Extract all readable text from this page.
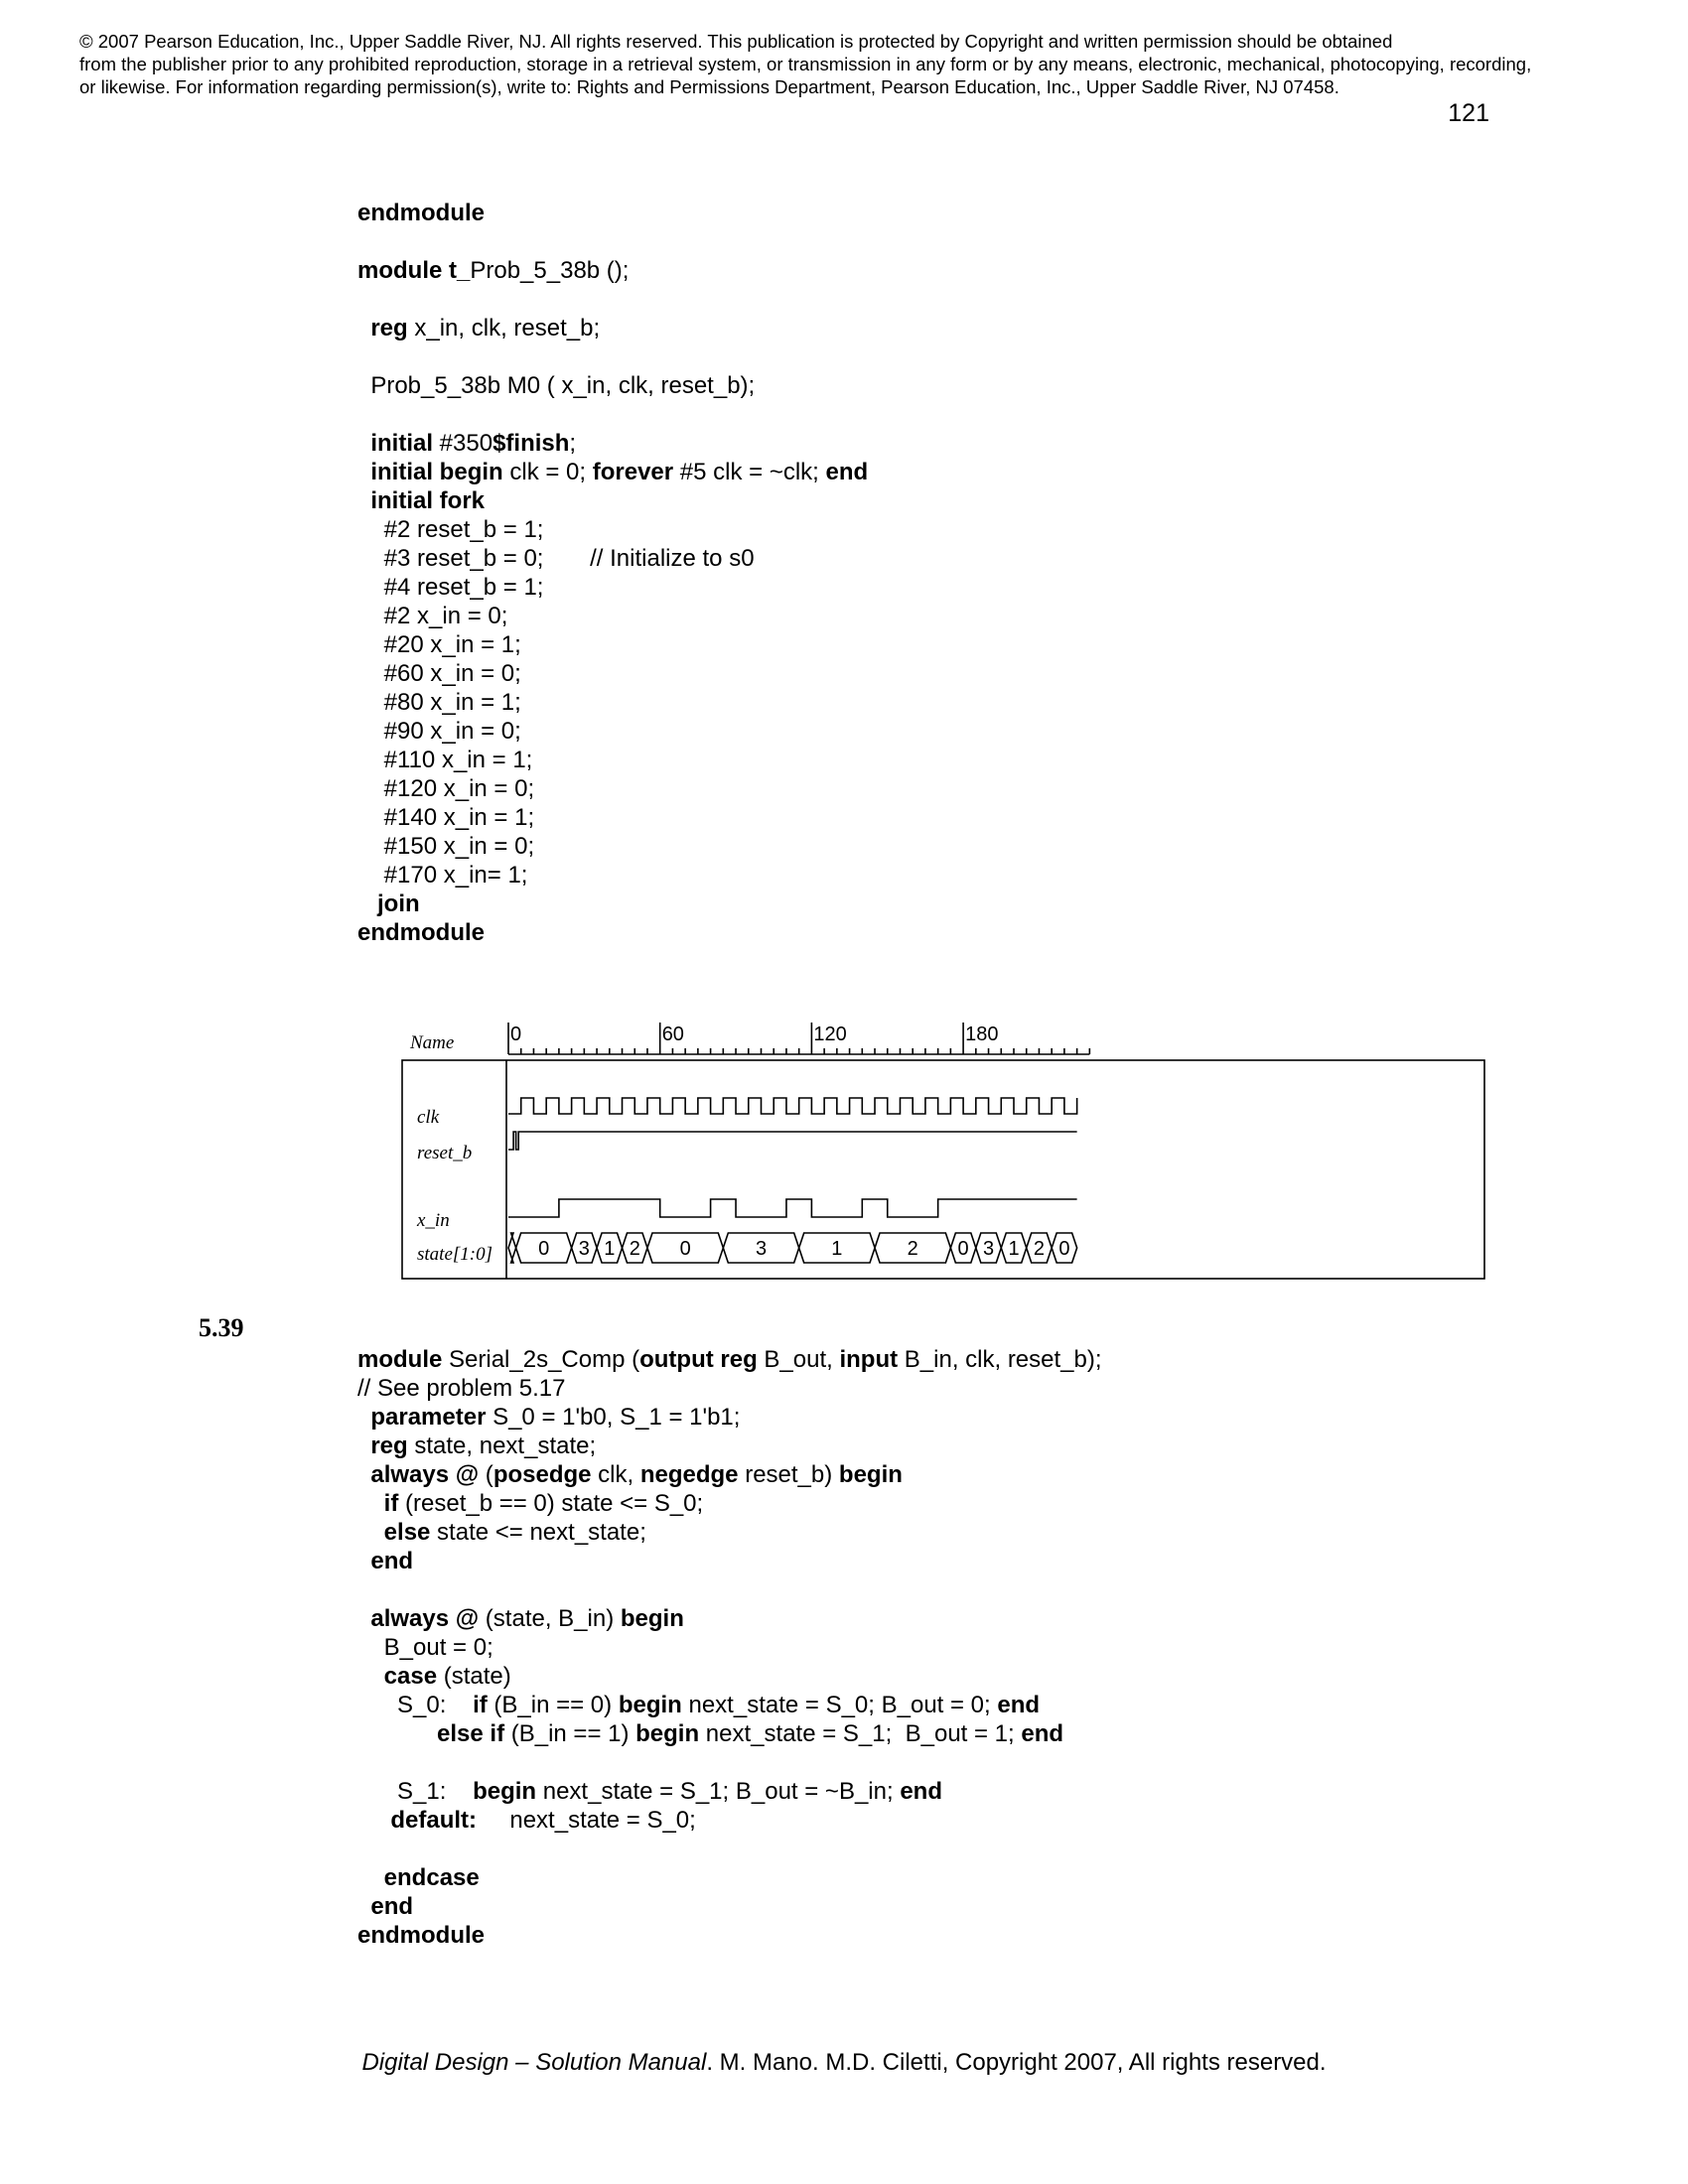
© 2007 Pearson Education, Inc., Upper Saddle River, NJ. All rights reserved. This publication is protected by Copyright and written permission should be obtained
from the publisher prior to any prohibited reproduction, storage in a retrieval system, or transmission in any form or by any means, electronic, mechanical, photocopying, recording,
or likewise. For information regarding permission(s), write to: Rights and Permissions Department, Pearson Education, Inc., Upper Saddle River, NJ 07458.
121
endmodule
module t_Prob_5_38b ();
reg x_in, clk, reset_b;
Prob_5_38b M0 ( x_in, clk, reset_b);
initial #350$finish;
initial begin clk = 0; forever #5 clk = ~clk; end
initial fork
#2 reset_b = 1;
#3 reset_b = 0;       // Initialize to s0
#4 reset_b = 1;
#2 x_in = 0;
#20 x_in = 1;
#60 x_in = 0;
#80 x_in = 1;
#90 x_in = 0;
#110 x_in = 1;
#120 x_in = 0;
#140 x_in = 1;
#150 x_in = 0;
#170 x_in= 1;
join
endmodule
0	60	120	180
Name
clk
reset_b
x_in
state[1:0] 0 3 1 2 0	3	1	2 0 3 1 2 0
5.39
module Serial_2s_Comp (output reg B_out, input B_in, clk, reset_b);
// See problem 5.17
parameter S_0 = 1'b0, S_1 = 1'b1;
reg state, next_state;
always @ (posedge clk, negedge reset_b) begin
if (reset_b == 0) state <= S_0;
else state <= next_state;
end
always @ (state, B_in) begin
B_out = 0;
case (state)
S_0:    if (B_in == 0) begin next_state = S_0; B_out = 0; end
else if (B_in == 1) begin next_state = S_1;  B_out = 1; end
S_1:    begin next_state = S_1; B_out = ~B_in; end
default:     next_state = S_0;
endcase
end
endmodule
Digital Design – Solution Manual. M. Mano. M.D. Ciletti, Copyright 2007, All rights reserved.
